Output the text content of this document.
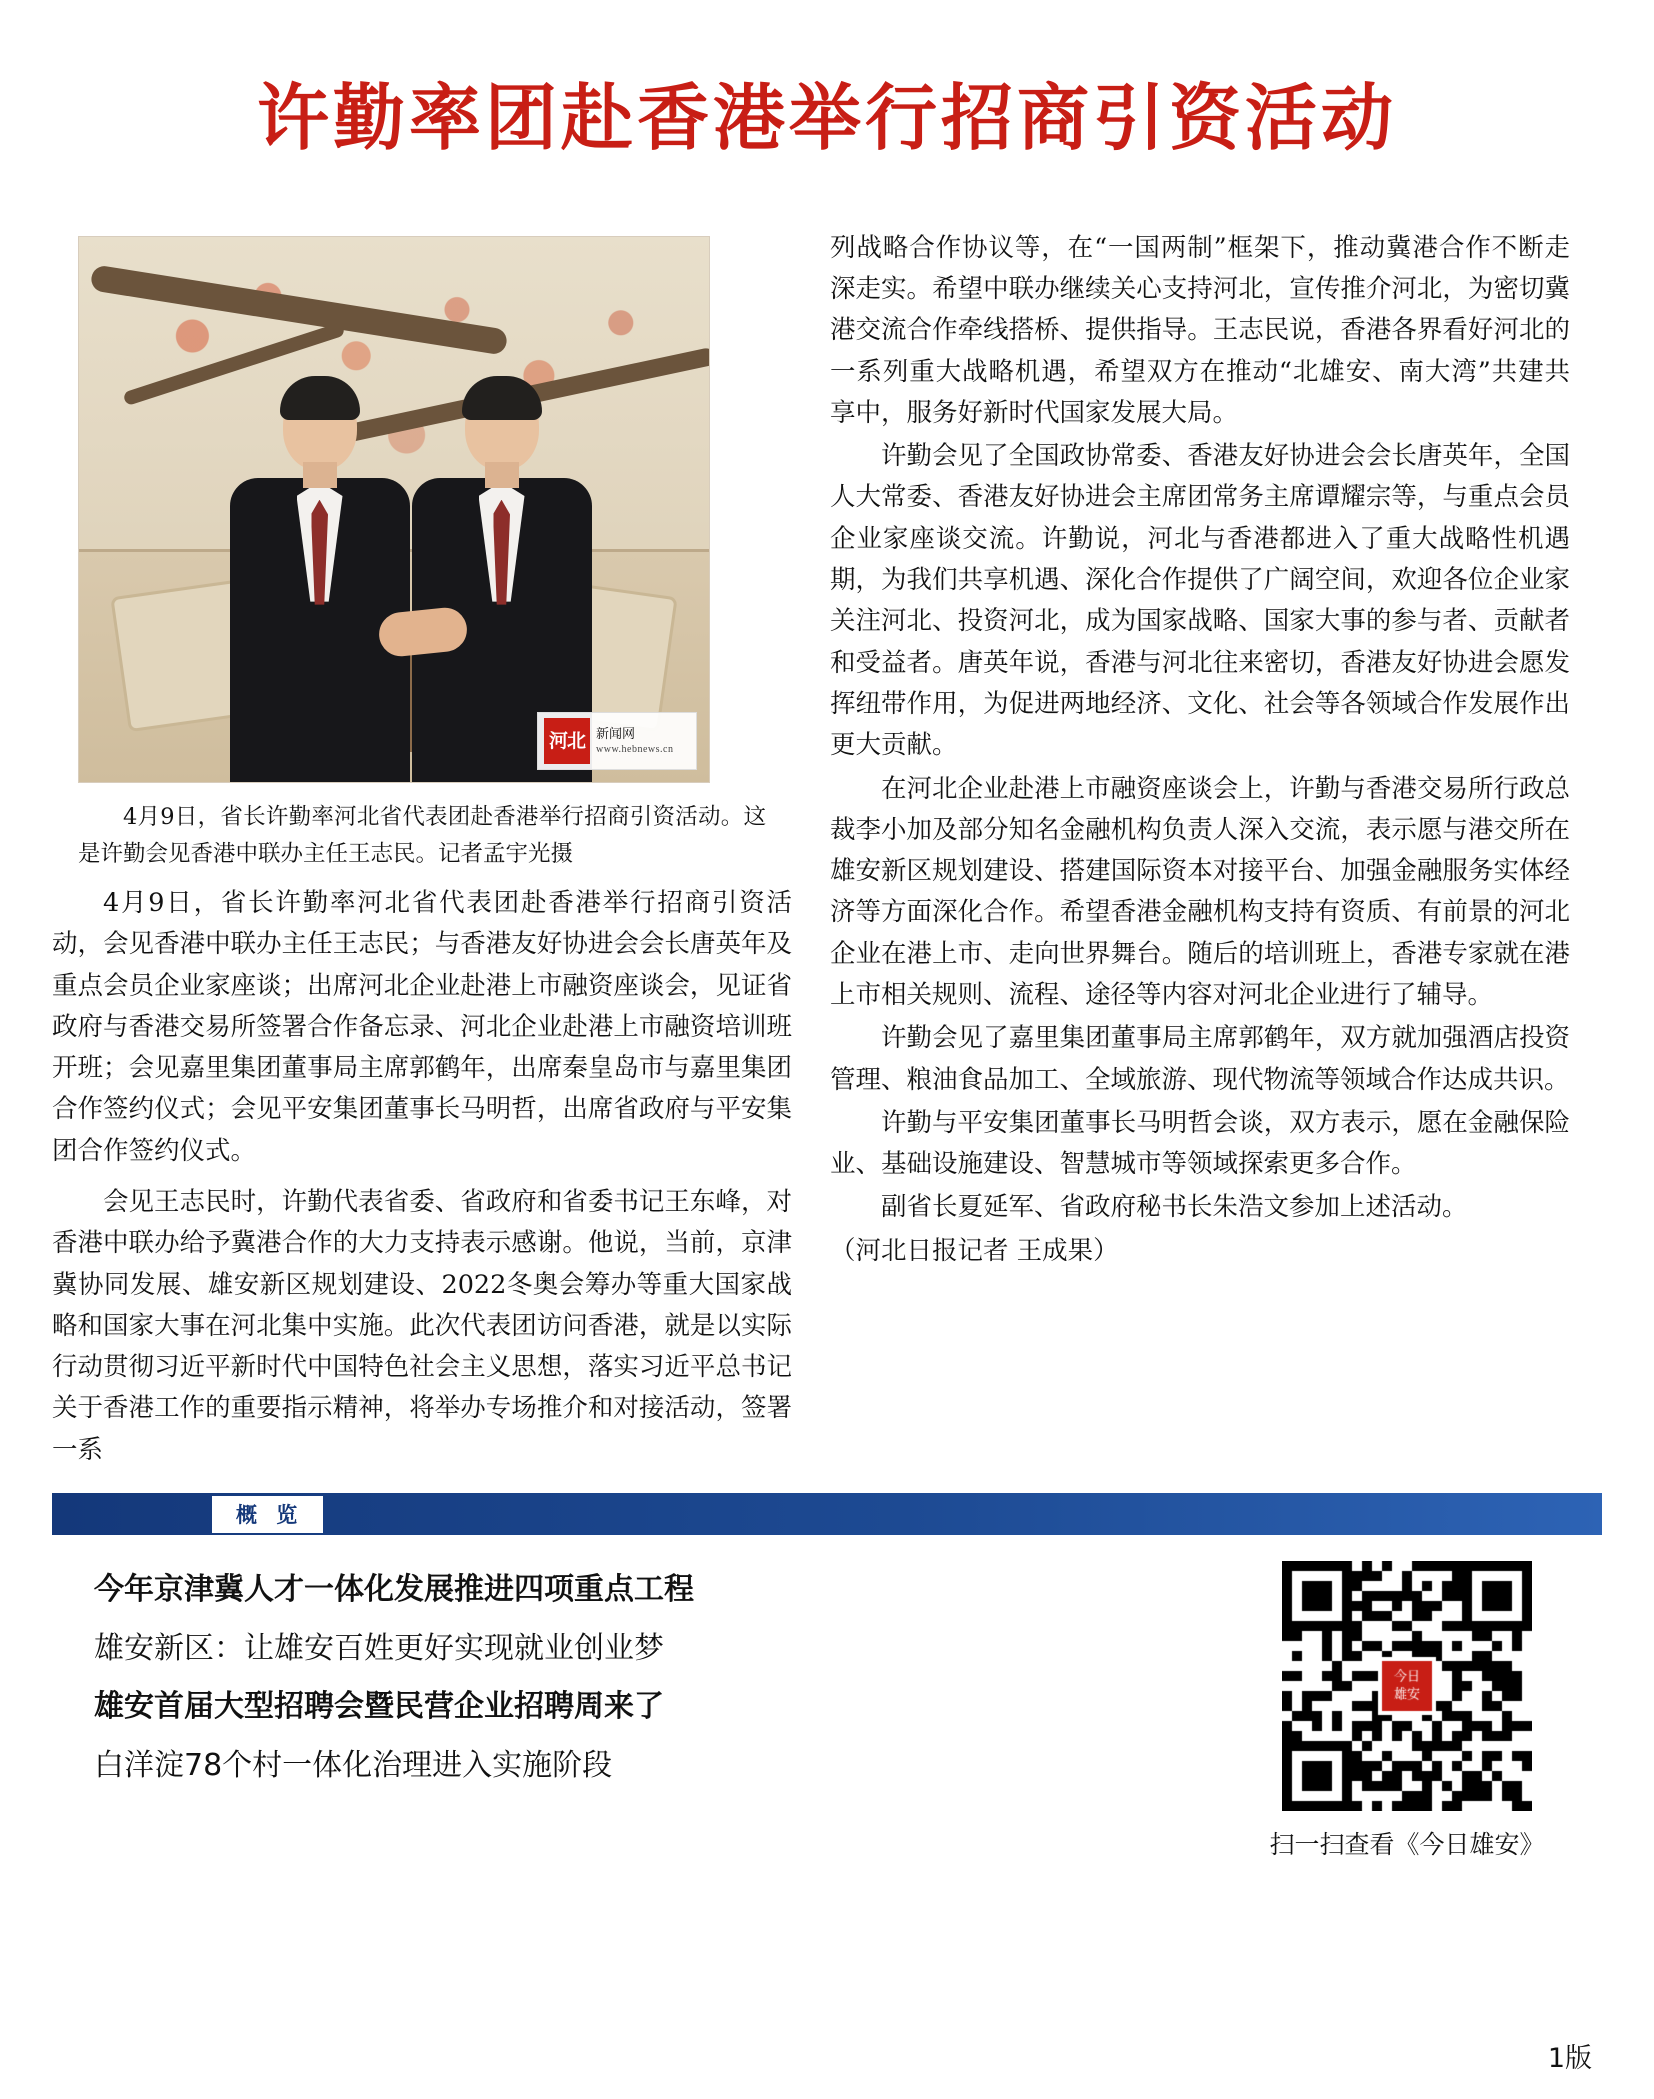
许勤率团赴香港举行招商引资活动
河北 新闻网
www.hebnews.cn
4月9日，省长许勤率河北省代表团赴香港举行招商引资活动。这是许勤会见香港中联办主任王志民。记者孟宇光摄

4月9日，省长许勤率河北省代表团赴香港举行招商引资活动，会见香港中联办主任王志民；与香港友好协进会会长唐英年及重点会员企业家座谈；出席河北企业赴港上市融资座谈会，见证省政府与香港交易所签署合作备忘录、河北企业赴港上市融资培训班开班；会见嘉里集团董事局主席郭鹤年，出席秦皇岛市与嘉里集团合作签约仪式；会见平安集团董事长马明哲，出席省政府与平安集团合作签约仪式。

会见王志民时，许勤代表省委、省政府和省委书记王东峰，对香港中联办给予冀港合作的大力支持表示感谢。他说，当前，京津冀协同发展、雄安新区规划建设、2022冬奥会筹办等重大国家战略和国家大事在河北集中实施。此次代表团访问香港，就是以实际行动贯彻习近平新时代中国特色社会主义思想，落实习近平总书记关于香港工作的重要指示精神，将举办专场推介和对接活动，签署一系

列战略合作协议等，在“一国两制”框架下，推动冀港合作不断走深走实。希望中联办继续关心支持河北，宣传推介河北，为密切冀港交流合作牵线搭桥、提供指导。王志民说，香港各界看好河北的一系列重大战略机遇，希望双方在推动“北雄安、南大湾”共建共享中，服务好新时代国家发展大局。

许勤会见了全国政协常委、香港友好协进会会长唐英年，全国人大常委、香港友好协进会主席团常务主席谭耀宗等，与重点会员企业家座谈交流。许勤说，河北与香港都进入了重大战略性机遇期，为我们共享机遇、深化合作提供了广阔空间，欢迎各位企业家关注河北、投资河北，成为国家战略、国家大事的参与者、贡献者和受益者。唐英年说，香港与河北往来密切，香港友好协进会愿发挥纽带作用，为促进两地经济、文化、社会等各领域合作发展作出更大贡献。

在河北企业赴港上市融资座谈会上，许勤与香港交易所行政总裁李小加及部分知名金融机构负责人深入交流，表示愿与港交所在雄安新区规划建设、搭建国际资本对接平台、加强金融服务实体经济等方面深化合作。希望香港金融机构支持有资质、有前景的河北企业在港上市、走向世界舞台。随后的培训班上，香港专家就在港上市相关规则、流程、途径等内容对河北企业进行了辅导。

许勤会见了嘉里集团董事局主席郭鹤年，双方就加强酒店投资管理、粮油食品加工、全域旅游、现代物流等领域合作达成共识。

许勤与平安集团董事长马明哲会谈，双方表示，愿在金融保险业、基础设施建设、智慧城市等领域探索更多合作。

副省长夏延军、省政府秘书长朱浩文参加上述活动。

（河北日报记者 王成果）

概 览
今年京津冀人才一体化发展推进四项重点工程
雄安新区：让雄安百姓更好实现就业创业梦
雄安首届大型招聘会暨民营企业招聘周来了
白洋淀78个村一体化治理进入实施阶段
扫一扫查看《今日雄安》
1版
